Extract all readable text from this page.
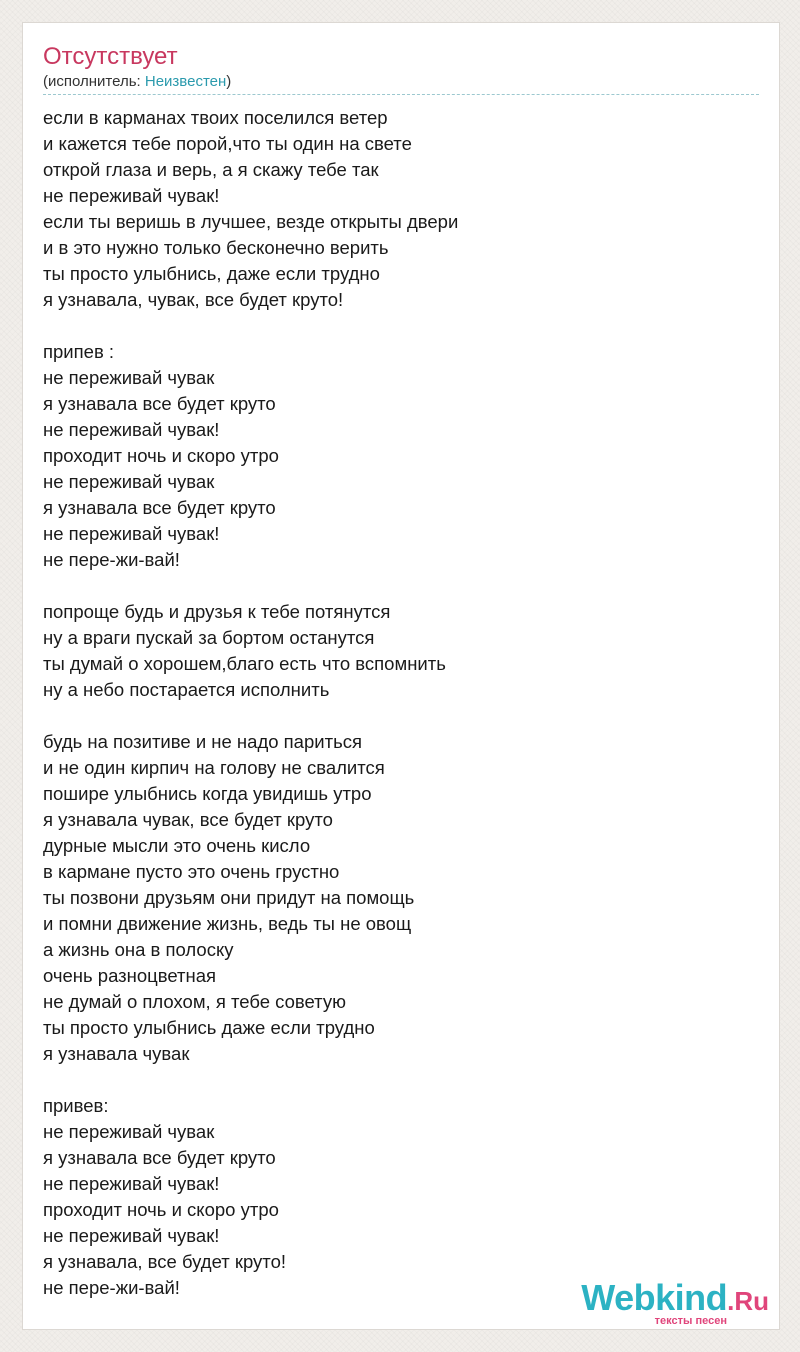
Отсутствует
(исполнитель: Неизвестен)
если в карманах твоих поселился ветер
и кажется тебе порой,что ты один на свете
открой глаза и верь, а я скажу тебе так
не переживай чувак!
если ты веришь в лучшее, везде открыты двери
и в это нужно только бесконечно верить
ты просто улыбнись, даже если трудно
я узнавала, чувак, все будет круто!

припев :
не переживай чувак
я узнавала все будет круто
не переживай чувак!
проходит ночь и скоро утро
не переживай чувак
я узнавала все будет круто
не переживай чувак!
не пере-жи-вай!

попроще будь и друзья к тебе потянутся
ну а враги пускай за бортом останутся
ты думай о хорошем,благо есть что вспомнить
ну а небо постарается исполнить

будь на позитиве и не надо париться
и не один кирпич на голову не свалится
пошире улыбнись когда увидишь утро
я узнавала чувак, все будет круто
дурные мысли это очень кисло
в кармане пусто это очень грустно
ты позвони друзьям они придут на помощь
и помни движение жизнь, ведь ты не овощ
а жизнь она в полоску
очень разноцветная
не думай о плохом, я тебе советую
ты просто улыбнись даже если трудно
я узнавала чувак

привев:
не переживай чувак
я узнавала все будет круто
не переживай чувак!
проходит ночь и скоро утро
не переживай чувак!
я узнавала, все будет круто!
не пере-жи-вай!	Webkind.Ru
тексты песен
